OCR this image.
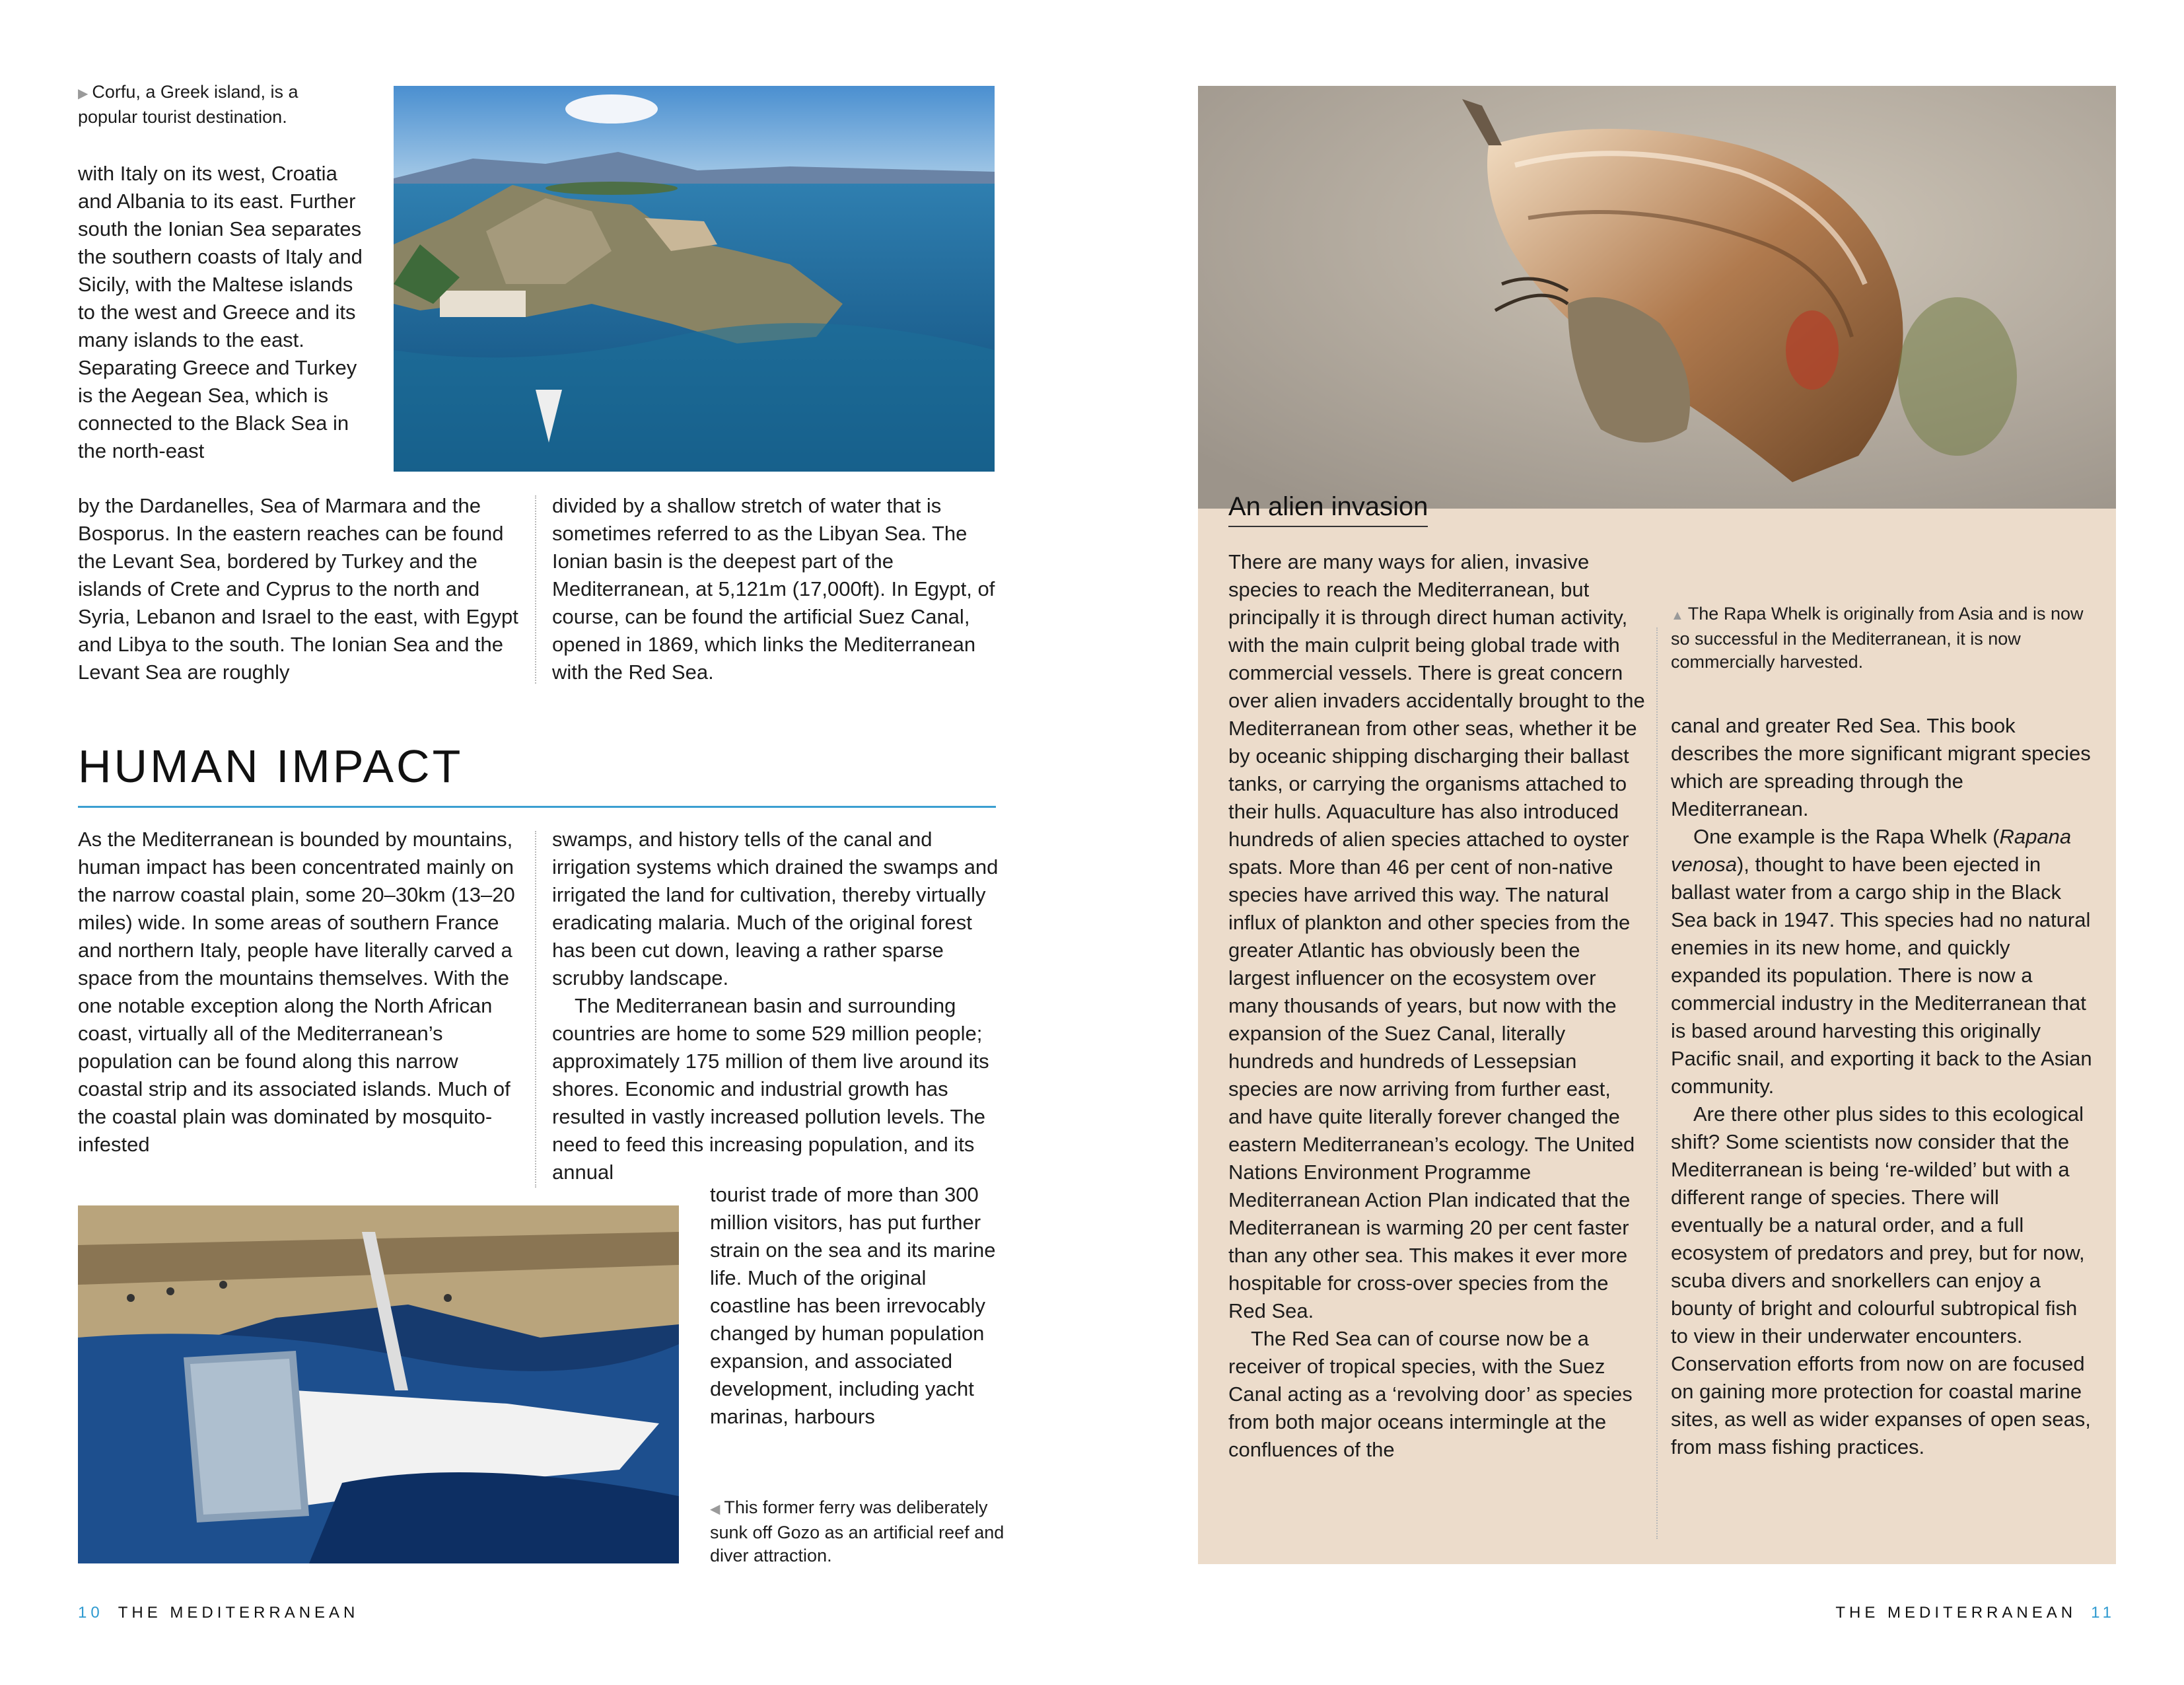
▶ Corfu, a Greek island, is a popular tourist destination.

with Italy on its west, Croatia and Albania to its east. Further south the Ionian Sea separates the southern coasts of Italy and Sicily, with the Maltese islands to the west and Greece and its many islands to the east. Separating Greece and Turkey is the Aegean Sea, which is connected to the Black Sea in the north-east

by the Dardanelles, Sea of Marmara and the Bosporus. In the eastern reaches can be found the Levant Sea, bordered by Turkey and the islands of Crete and Cyprus to the north and Syria, Lebanon and Israel to the east, with Egypt and Libya to the south. The Ionian Sea and the Levant Sea are roughly

divided by a shallow stretch of water that is sometimes referred to as the Libyan Sea. The Ionian basin is the deepest part of the Mediterranean, at 5,121m (17,000ft). In Egypt, of course, can be found the artificial Suez Canal, opened in 1869, which links the Mediterranean with the Red Sea.

HUMAN IMPACT

As the Mediterranean is bounded by mountains, human impact has been concentrated mainly on the narrow coastal plain, some 20–30km (13–20 miles) wide. In some areas of southern France and northern Italy, people have literally carved a space from the mountains themselves. With the one notable exception along the North African coast, virtually all of the Mediterranean’s population can be found along this narrow coastal strip and its associated islands. Much of the coastal plain was dominated by mosquito-infested

swamps, and history tells of the canal and irrigation systems which drained the swamps and irrigated the land for cultivation, thereby virtually eradicating malaria. Much of the original forest has been cut down, leaving a rather sparse scrubby landscape.

The Mediterranean basin and surrounding countries are home to some 529 million people; approximately 175 million of them live around its shores. Economic and industrial growth has resulted in vastly increased pollution levels. The need to feed this increasing population, and its annual

tourist trade of more than 300 million visitors, has put further strain on the sea and its marine life. Much of the original coastline has been irrevocably changed by human population expansion, and associated development, including yacht marinas, harbours

◀ This former ferry was deliberately sunk off Gozo as an artificial reef and diver attraction.
10 THE MEDITERRANEAN
An alien invasion
▲ The Rapa Whelk is originally from Asia and is now so successful in the Mediterranean, it is now commercially harvested.

There are many ways for alien, invasive species to reach the Mediterranean, but principally it is through direct human activity, with the main culprit being global trade with commercial vessels. There is great concern over alien invaders accidentally brought to the Mediterranean from other seas, whether it be by oceanic shipping discharging their ballast tanks, or carrying the organisms attached to their hulls. Aquaculture has also introduced hundreds of alien species attached to oyster spats. More than 46 per cent of non-native species have arrived this way. The natural influx of plankton and other species from the greater Atlantic has obviously been the largest influencer on the ecosystem over many thousands of years, but now with the expansion of the Suez Canal, literally hundreds and hundreds of Lessepsian species are now arriving from further east, and have quite literally forever changed the eastern Mediterranean’s ecology. The United Nations Environment Programme Mediterranean Action Plan indicated that the Mediterranean is warming 20 per cent faster than any other sea. This makes it ever more hospitable for cross-over species from the Red Sea.

The Red Sea can of course now be a receiver of tropical species, with the Suez Canal acting as a ‘revolving door’ as species from both major oceans intermingle at the confluences of the

canal and greater Red Sea. This book describes the more significant migrant species which are spreading through the Mediterranean.

One example is the Rapa Whelk (Rapana venosa), thought to have been ejected in ballast water from a cargo ship in the Black Sea back in 1947. This species had no natural enemies in its new home, and quickly expanded its population. There is now a commercial industry in the Mediterranean that is based around harvesting this originally Pacific snail, and exporting it back to the Asian community.

Are there other plus sides to this ecological shift? Some scientists now consider that the Mediterranean is being ‘re-wilded’ but with a different range of species. There will eventually be a natural order, and a full ecosystem of predators and prey, but for now, scuba divers and snorkellers can enjoy a bounty of bright and colourful subtropical fish to view in their underwater encounters. Conservation efforts from now on are focused on gaining more protection for coastal marine sites, as well as wider expanses of open seas, from mass fishing practices.

THE MEDITERRANEAN 11
